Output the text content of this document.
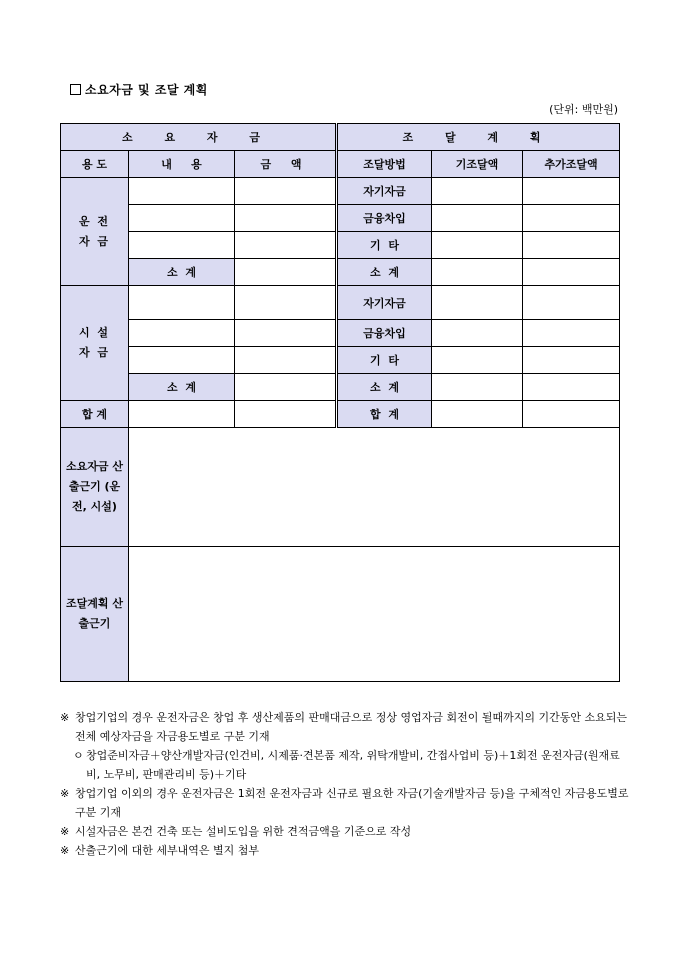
소요자금 및 조달 계획
(단위: 백만원)
소 요 자 금			조 달 계 획		
용 도	내     용	금 액	조달방법	기조달액	추가조달액

운 전 자 금			자기자금		
			금융차입		
			기  타		
	소  계		소  계		

시 설 자 금			자기자금		
			금융차입		
			기  타		
	소  계		소  계		
합 계			합  계		

소요자금 산출근기 (운전, 시설)					

조달계획 산출근기					

※ 창업기업의 경우 운전자금은 창업 후 생산제품의 판매대금으로 정상 영업자금 회전이 될때까지의 기간동안 소요되는 전체 예상자금을 자금용도별로 구분 기재
ㅇ 창업준비자금＋양산개발자금(인건비, 시제품·견본품 제작, 위탁개발비, 간접사업비 등)＋1회전 운전자금(원재료비, 노무비, 판매관리비 등)＋기타
※ 창업기업 이외의 경우 운전자금은 1회전 운전자금과 신규로 필요한 자금(기술개발자금 등)을 구체적인 자금용도별로 구분 기재
※ 시설자금은 본건 건축 또는 설비도입을 위한 견적금액을 기준으로 작성
※ 산출근기에 대한 세부내역은 별지 첨부
